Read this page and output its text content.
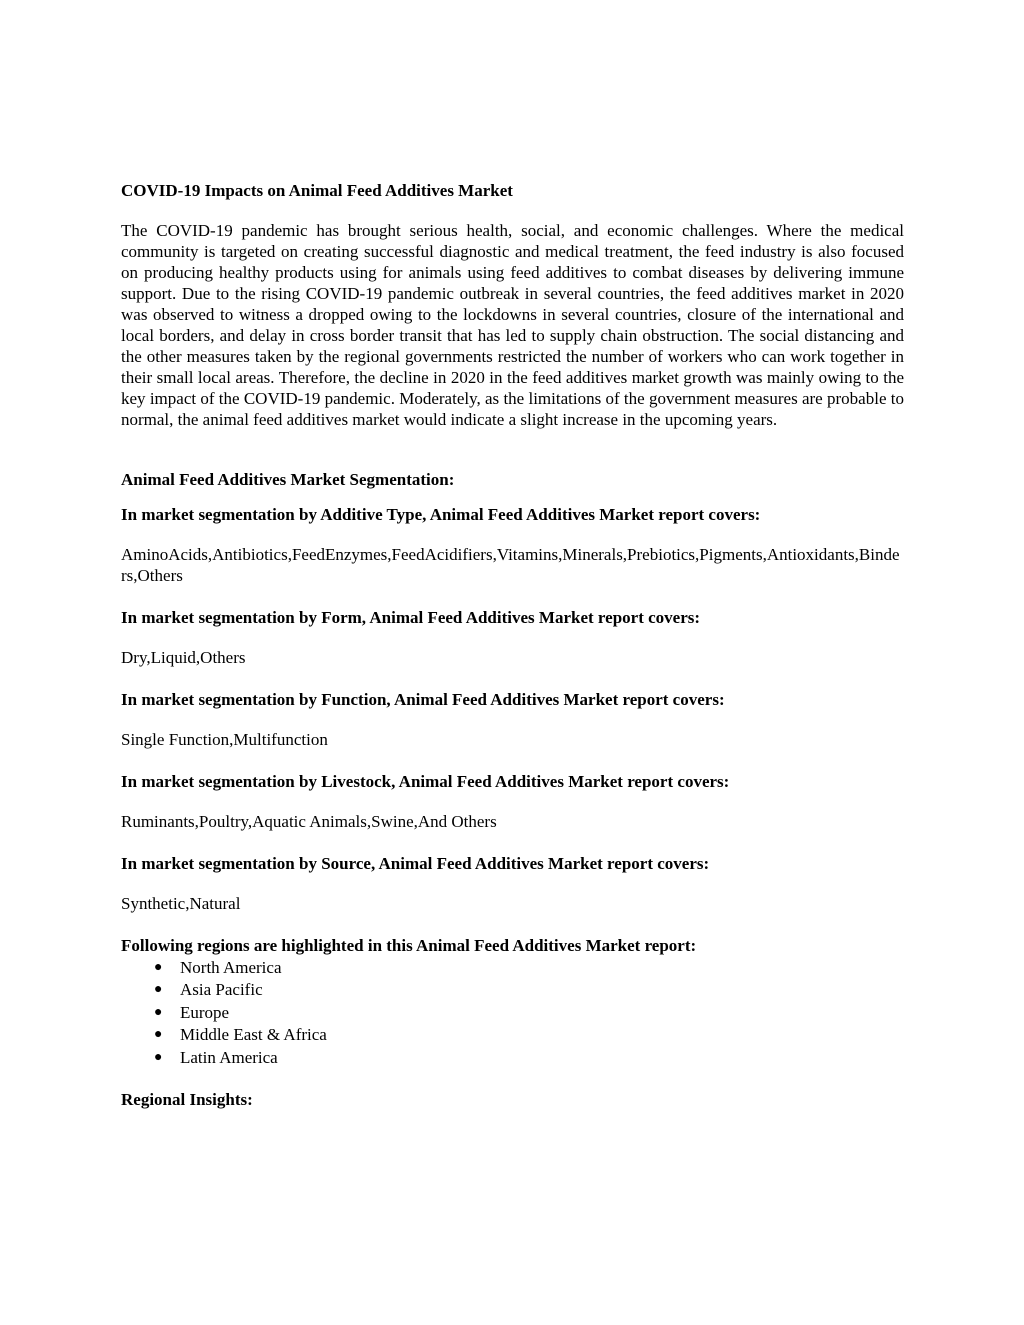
COVID-19 Impacts on Animal Feed Additives Market

The COVID-19 pandemic has brought serious health, social, and economic challenges. Where the medical community is targeted on creating successful diagnostic and medical treatment, the feed industry is also focused on producing healthy products using for animals using feed additives to combat diseases by delivering immune support. Due to the rising COVID-19 pandemic outbreak in several countries, the feed additives market in 2020 was observed to witness a dropped owing to the lockdowns in several countries, closure of the international and local borders, and delay in cross border transit that has led to supply chain obstruction. The social distancing and the other measures taken by the regional governments restricted the number of workers who can work together in their small local areas. Therefore, the decline in 2020 in the feed additives market growth was mainly owing to the key impact of the COVID-19 pandemic. Moderately, as the limitations of the government measures are probable to normal, the animal feed additives market would indicate a slight increase in the upcoming years.

Animal Feed Additives Market Segmentation:

In market segmentation by Additive Type, Animal Feed Additives Market report covers:

AminoAcids,Antibiotics,FeedEnzymes,FeedAcidifiers,Vitamins,Minerals,Prebiotics,Pigments,Antioxidants,Binders,Others

In market segmentation by Form, Animal Feed Additives Market report covers:

Dry,Liquid,Others

In market segmentation by Function, Animal Feed Additives Market report covers:

Single Function,Multifunction

In market segmentation by Livestock, Animal Feed Additives Market report covers:

Ruminants,Poultry,Aquatic Animals,Swine,And Others

In market segmentation by Source, Animal Feed Additives Market report covers:

Synthetic,Natural

Following regions are highlighted in this Animal Feed Additives Market report:

● North America
● Asia Pacific
● Europe
● Middle East & Africa
● Latin America

Regional Insights:
